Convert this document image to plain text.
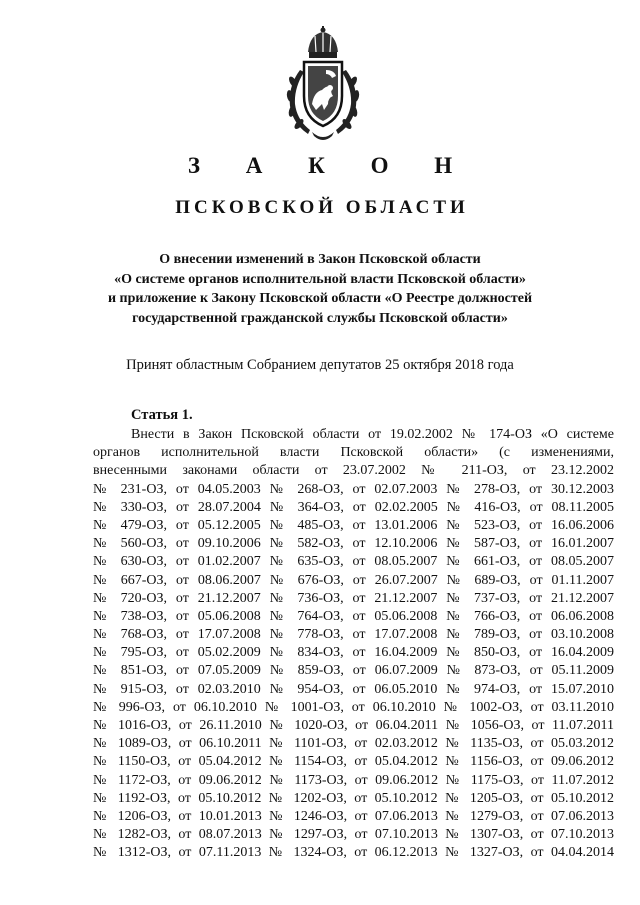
З А К О Н
ПСКОВСКОЙ ОБЛАСТИ
О внесении изменений в Закон Псковской области
«О системе органов исполнительной власти Псковской области»
и приложение к Закону Псковской области «О Реестре должностей
государственной гражданской службы Псковской области»
Принят областным Собранием депутатов 25 октября 2018 года
Статья 1.
Внести в Закон Псковской области от 19.02.2002 № 174-ОЗ «О системе
органов исполнительной власти Псковской области» (с изменениями,
внесенными законами области от 23.07.2002 № 211-ОЗ, от 23.12.2002
№ 231-ОЗ, от 04.05.2003 № 268-ОЗ, от 02.07.2003 № 278-ОЗ, от 30.12.2003
№ 330-ОЗ, от 28.07.2004 № 364-ОЗ, от 02.02.2005 № 416-ОЗ, от 08.11.2005
№ 479-ОЗ, от 05.12.2005 № 485-ОЗ, от 13.01.2006 № 523-ОЗ, от 16.06.2006
№ 560-ОЗ, от 09.10.2006 № 582-ОЗ, от 12.10.2006 № 587-ОЗ, от 16.01.2007
№ 630-ОЗ, от 01.02.2007 № 635-ОЗ, от 08.05.2007 № 661-ОЗ, от 08.05.2007
№ 667-ОЗ, от 08.06.2007 № 676-ОЗ, от 26.07.2007 № 689-ОЗ, от 01.11.2007
№ 720-ОЗ, от 21.12.2007 № 736-ОЗ, от 21.12.2007 № 737-ОЗ, от 21.12.2007
№ 738-ОЗ, от 05.06.2008 № 764-ОЗ, от 05.06.2008 № 766-ОЗ, от 06.06.2008
№ 768-ОЗ, от 17.07.2008 № 778-ОЗ, от 17.07.2008 № 789-ОЗ, от 03.10.2008
№ 795-ОЗ, от 05.02.2009 № 834-ОЗ, от 16.04.2009 № 850-ОЗ, от 16.04.2009
№ 851-ОЗ, от 07.05.2009 № 859-ОЗ, от 06.07.2009 № 873-ОЗ, от 05.11.2009
№ 915-ОЗ, от 02.03.2010 № 954-ОЗ, от 06.05.2010 № 974-ОЗ, от 15.07.2010
№ 996-ОЗ, от 06.10.2010 № 1001-ОЗ, от 06.10.2010 № 1002-ОЗ, от 03.11.2010
№ 1016-ОЗ, от 26.11.2010 № 1020-ОЗ, от 06.04.2011 № 1056-ОЗ, от 11.07.2011
№ 1089-ОЗ, от 06.10.2011 № 1101-ОЗ, от 02.03.2012 № 1135-ОЗ, от 05.03.2012
№ 1150-ОЗ, от 05.04.2012 № 1154-ОЗ, от 05.04.2012 № 1156-ОЗ, от 09.06.2012
№ 1172-ОЗ, от 09.06.2012 № 1173-ОЗ, от 09.06.2012 № 1175-ОЗ, от 11.07.2012
№ 1192-ОЗ, от 05.10.2012 № 1202-ОЗ, от 05.10.2012 № 1205-ОЗ, от 05.10.2012
№ 1206-ОЗ, от 10.01.2013 № 1246-ОЗ, от 07.06.2013 № 1279-ОЗ, от 07.06.2013
№ 1282-ОЗ, от 08.07.2013 № 1297-ОЗ, от 07.10.2013 № 1307-ОЗ, от 07.10.2013
№ 1312-ОЗ, от 07.11.2013 № 1324-ОЗ, от 06.12.2013 № 1327-ОЗ, от 04.04.2014
